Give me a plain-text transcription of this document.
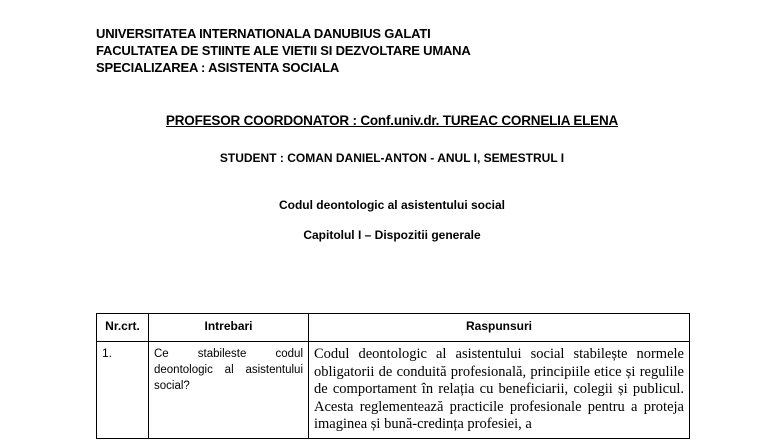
UNIVERSITATEA INTERNATIONALA DANUBIUS GALATI
FACULTATEA DE STIINTE ALE VIETII SI DEZVOLTARE UMANA
SPECIALIZAREA : ASISTENTA SOCIALA
PROFESOR COORDONATOR : Conf.univ.dr. TUREAC CORNELIA ELENA
STUDENT : COMAN DANIEL-ANTON - ANUL I, SEMESTRUL I
Codul deontologic al asistentului social
Capitolul I – Dispozitii generale
Nr.crt.	Intrebari	Raspunsuri
1.	Ce stabileste codul deontologic al asistentului social?	Codul deontologic al asistentului social stabilește normele obligatorii de conduită profesională, principiile etice și regulile de comportament în relația cu beneficiarii, colegii și publicul. Acesta reglementează practicile profesionale pentru a proteja imaginea și bună-credința profesiei, a
